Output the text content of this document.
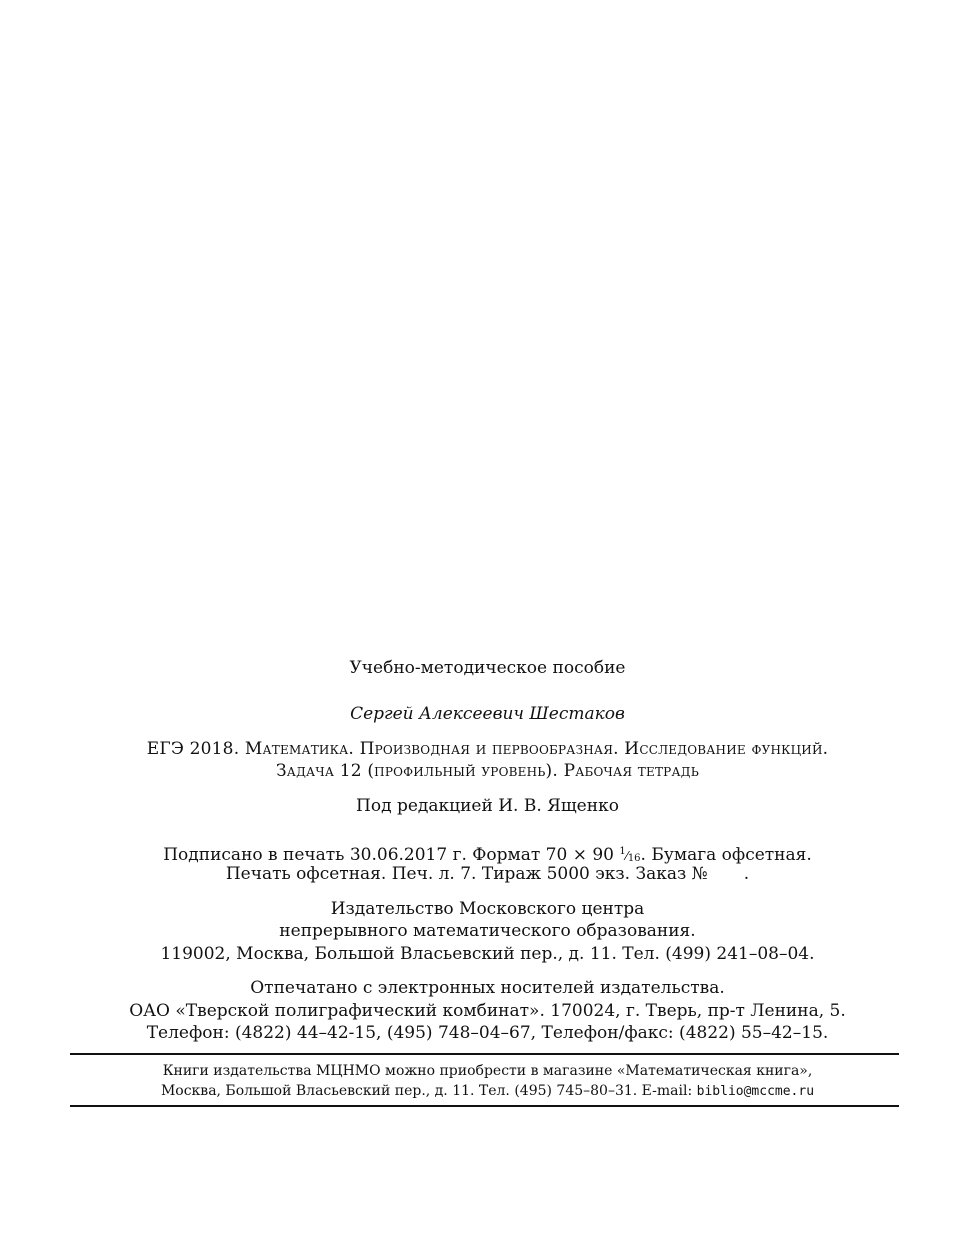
Учебно-методическое пособие
Сергей Алексеевич Шестаков
ЕГЭ 2018. Математика. Производная и первообразная. Исследование функций.
Задача 12 (профильный уровень). Рабочая тетрадь
Под редакцией И. В. Ященко
Подписано в печать 30.06.2017 г. Формат 70 × 90 $^1⁄_{16}$. Бумага офсетная.
Печать офсетная. Печ. л. 7. Тираж 5000 экз. Заказ № .
Издательство Московского центра
непрерывного математического образования.
119002, Москва, Большой Власьевский пер., д. 11. Тел. (499) 241–08–04.
Отпечатано с электронных носителей издательства.
ОАО «Тверской полиграфический комбинат». 170024, г. Тверь, пр-т Ленина, 5.
Телефон: (4822) 44–42-15, (495) 748–04–67, Телефон/факс: (4822) 55–42–15.
Книги издательства МЦНМО можно приобрести в магазине «Математическая книга»,
Москва, Большой Власьевский пер., д. 11. Тел. (495) 745–80–31. E-mail: biblio@mccme.ru
